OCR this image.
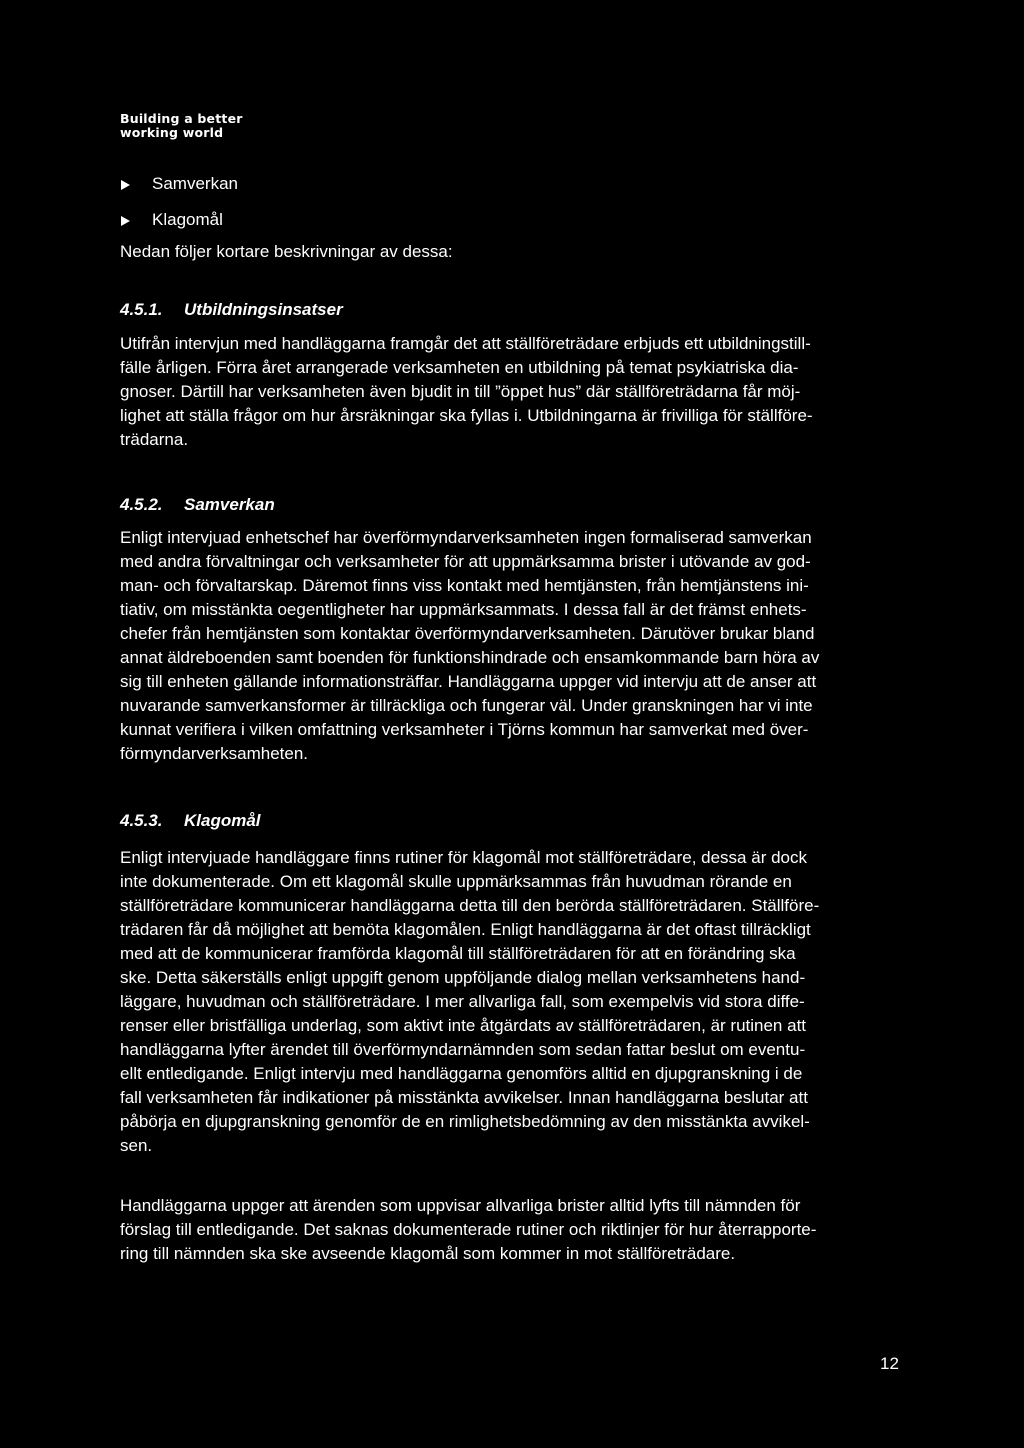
Building a better
working world
Samverkan
Klagomål
Nedan följer kortare beskrivningar av dessa:
4.5.1. Utbildningsinsatser
Utifrån intervjun med handläggarna framgår det att ställföreträdare erbjuds ett utbildningstill-
fälle årligen. Förra året arrangerade verksamheten en utbildning på temat psykiatriska dia-
gnoser. Därtill har verksamheten även bjudit in till ”öppet hus” där ställföreträdarna får möj-
lighet att ställa frågor om hur årsräkningar ska fyllas i. Utbildningarna är frivilliga för ställföre-
trädarna.
4.5.2. Samverkan
Enligt intervjuad enhetschef har överförmyndarverksamheten ingen formaliserad samverkan
med andra förvaltningar och verksamheter för att uppmärksamma brister i utövande av god-
man- och förvaltarskap. Däremot finns viss kontakt med hemtjänsten, från hemtjänstens ini-
tiativ, om misstänkta oegentligheter har uppmärksammats. I dessa fall är det främst enhets-
chefer från hemtjänsten som kontaktar överförmyndarverksamheten. Därutöver brukar bland
annat äldreboenden samt boenden för funktionshindrade och ensamkommande barn höra av
sig till enheten gällande informationsträffar. Handläggarna uppger vid intervju att de anser att
nuvarande samverkansformer är tillräckliga och fungerar väl. Under granskningen har vi inte
kunnat verifiera i vilken omfattning verksamheter i Tjörns kommun har samverkat med över-
förmyndarverksamheten.
4.5.3. Klagomål
Enligt intervjuade handläggare finns rutiner för klagomål mot ställföreträdare, dessa är dock
inte dokumenterade. Om ett klagomål skulle uppmärksammas från huvudman rörande en
ställföreträdare kommunicerar handläggarna detta till den berörda ställföreträdaren. Ställföre-
trädaren får då möjlighet att bemöta klagomålen. Enligt handläggarna är det oftast tillräckligt
med att de kommunicerar framförda klagomål till ställföreträdaren för att en förändring ska
ske. Detta säkerställs enligt uppgift genom uppföljande dialog mellan verksamhetens hand-
läggare, huvudman och ställföreträdare. I mer allvarliga fall, som exempelvis vid stora diffe-
renser eller bristfälliga underlag, som aktivt inte åtgärdats av ställföreträdaren, är rutinen att
handläggarna lyfter ärendet till överförmyndarnämnden som sedan fattar beslut om eventu-
ellt entledigande. Enligt intervju med handläggarna genomförs alltid en djupgranskning i de
fall verksamheten får indikationer på misstänkta avvikelser. Innan handläggarna beslutar att
påbörja en djupgranskning genomför de en rimlighetsbedömning av den misstänkta avvikel-
sen.
Handläggarna uppger att ärenden som uppvisar allvarliga brister alltid lyfts till nämnden för
förslag till entledigande. Det saknas dokumenterade rutiner och riktlinjer för hur återrapporte-
ring till nämnden ska ske avseende klagomål som kommer in mot ställföreträdare.
12
